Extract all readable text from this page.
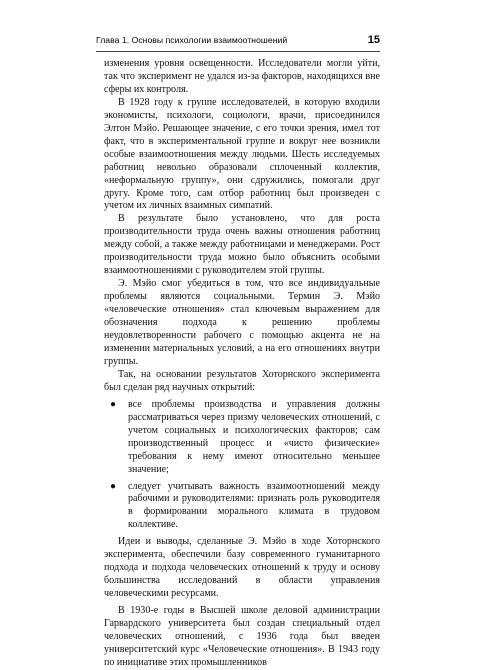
Глава 1. Основы психологии взаимоотношений	15

изменения уровня освещенности. Исследователи могли уйти, так что эксперимент не удался из-за факторов, находящихся вне сферы их контроля.

В 1928 году к группе исследователей, в которую входили экономисты, психологи, социологи, врачи, присоединился Элтон Мэйо. Решающее значение, с его точки зрения, имел тот факт, что в экспериментальной группе и вокруг нее возникли особые взаимоотношения между людьми. Шесть исследуемых работниц невольно образовали сплоченный коллектив, «неформальную группу», они сдружились, помогали друг другу. Кроме того, сам отбор работниц был произведен с учетом их личных взаимных симпатий.

В результате было установлено, что для роста производительности труда очень важны отношения работниц между собой, а также между работницами и менеджерами. Рост производительности труда можно было объяснить особыми взаимоотношениями с руководителем этой группы.

Э. Мэйо смог убедиться в том, что все индивидуальные проблемы являются социальными. Термин Э. Мэйо «человеческие отношения» стал ключевым выражением для обозначения подхода к решению проблемы неудовлетворенности рабочего с помощью акцента не на изменении материальных условий, а на его отношениях внутри группы.

Так, на основании результатов Хоторнского эксперимента был сделан ряд научных открытий:

● все проблемы производства и управления должны рассматриваться через призму человеческих отношений, с учетом социальных и психологических факторов; сам производственный процесс и «чисто физические» требования к нему имеют относительно меньшее значение;
● следует учитывать важность взаимоотношений между рабочими и руководителями: признать роль руководителя в формировании морального климата в трудовом коллективе.

Идеи и выводы, сделанные Э. Мэйо в ходе Хоторнского эксперимента, обеспечили базу современного гуманитарного подхода и подхода человеческих отношений к труду и основу большинства исследований в области управления человеческими ресурсами.

В 1930-е годы в Высшей школе деловой администрации Гарвардского университета был создан специальный отдел человеческих отношений, с 1936 года был введен университетский курс «Человеческие отношения». В 1943 году по инициативе этих промышленников
